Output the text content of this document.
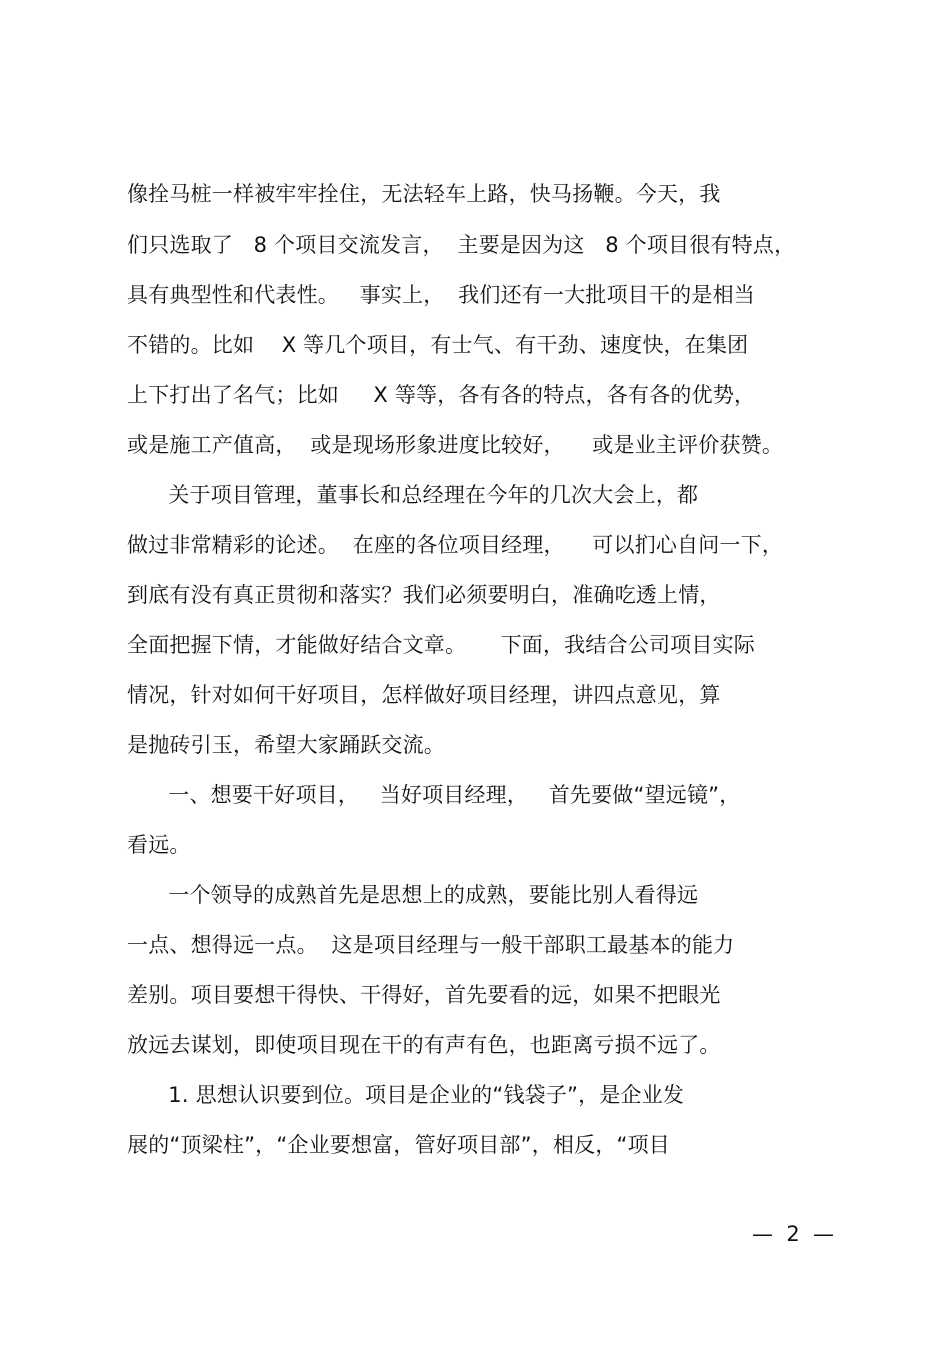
像拴马桩一样被牢牢拴住，无法轻车上路，快马扬鞭。今天，我
们只选取了   8 个项目交流发言，  主要是因为这   8 个项目很有特点，
具有典型性和代表性。   事实上，  我们还有一大批项目干的是相当
不错的。比如    X 等几个项目，有士气、有干劲、速度快，在集团
上下打出了名气；比如     X 等等，各有各的特点，各有各的优势，
或是施工产值高，  或是现场形象进度比较好，    或是业主评价获赞。
关于项目管理，董事长和总经理在今年的几次大会上，都
做过非常精彩的论述。  在座的各位项目经理，    可以扪心自问一下，
到底有没有真正贯彻和落实？我们必须要明白，准确吃透上情，
全面把握下情，才能做好结合文章。     下面，我结合公司项目实际
情况，针对如何干好项目，怎样做好项目经理，讲四点意见，算
是抛砖引玉，希望大家踊跃交流。
一、想要干好项目，   当好项目经理，   首先要做“望远镜”，
看远。
一个领导的成熟首先是思想上的成熟，要能比别人看得远
一点、想得远一点。  这是项目经理与一般干部职工最基本的能力
差别。项目要想干得快、干得好，首先要看的远，如果不把眼光
放远去谋划，即使项目现在干的有声有色，也距离亏损不远了。
1. 思想认识要到位。项目是企业的“钱袋子”，是企业发
展的“顶梁柱”，“企业要想富，管好项目部”，相反，“项目
—  2  —
